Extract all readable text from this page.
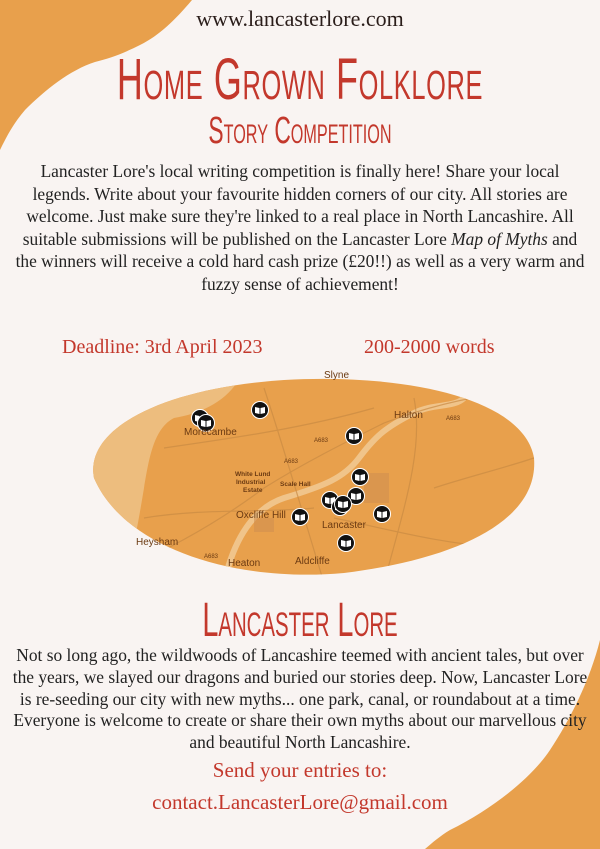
www.lancasterlore.com
Home Grown Folklore
Story Competition
Lancaster Lore's local writing competition is finally here! Share your local legends. Write about your favourite hidden corners of our city. All stories are welcome. Just make sure they're linked to a real place in North Lancashire. All suitable submissions will be published on the Lancaster Lore Map of Myths and the winners will receive a cold hard cash prize (£20!!) as well as a very warm and fuzzy sense of achievement!
Deadline: 3rd April 2023	200-2000 words
Slyne
Halton
Morecambe
White Lund
Industrial
Estate
Scale Hall
Oxcliffe Hill
Lancaster
Heysham
Heaton	Aldcliffe
A683
A683
A683
A683
Lancaster Lore
Not so long ago, the wildwoods of Lancashire teemed with ancient tales, but over the years, we slayed our dragons and buried our stories deep. Now, Lancaster Lore is re-seeding our city with new myths... one park, canal, or roundabout at a time. Everyone is welcome to create or share their own myths about our marvellous city and beautiful North Lancashire.
Send your entries to:
contact.LancasterLore@gmail.com
